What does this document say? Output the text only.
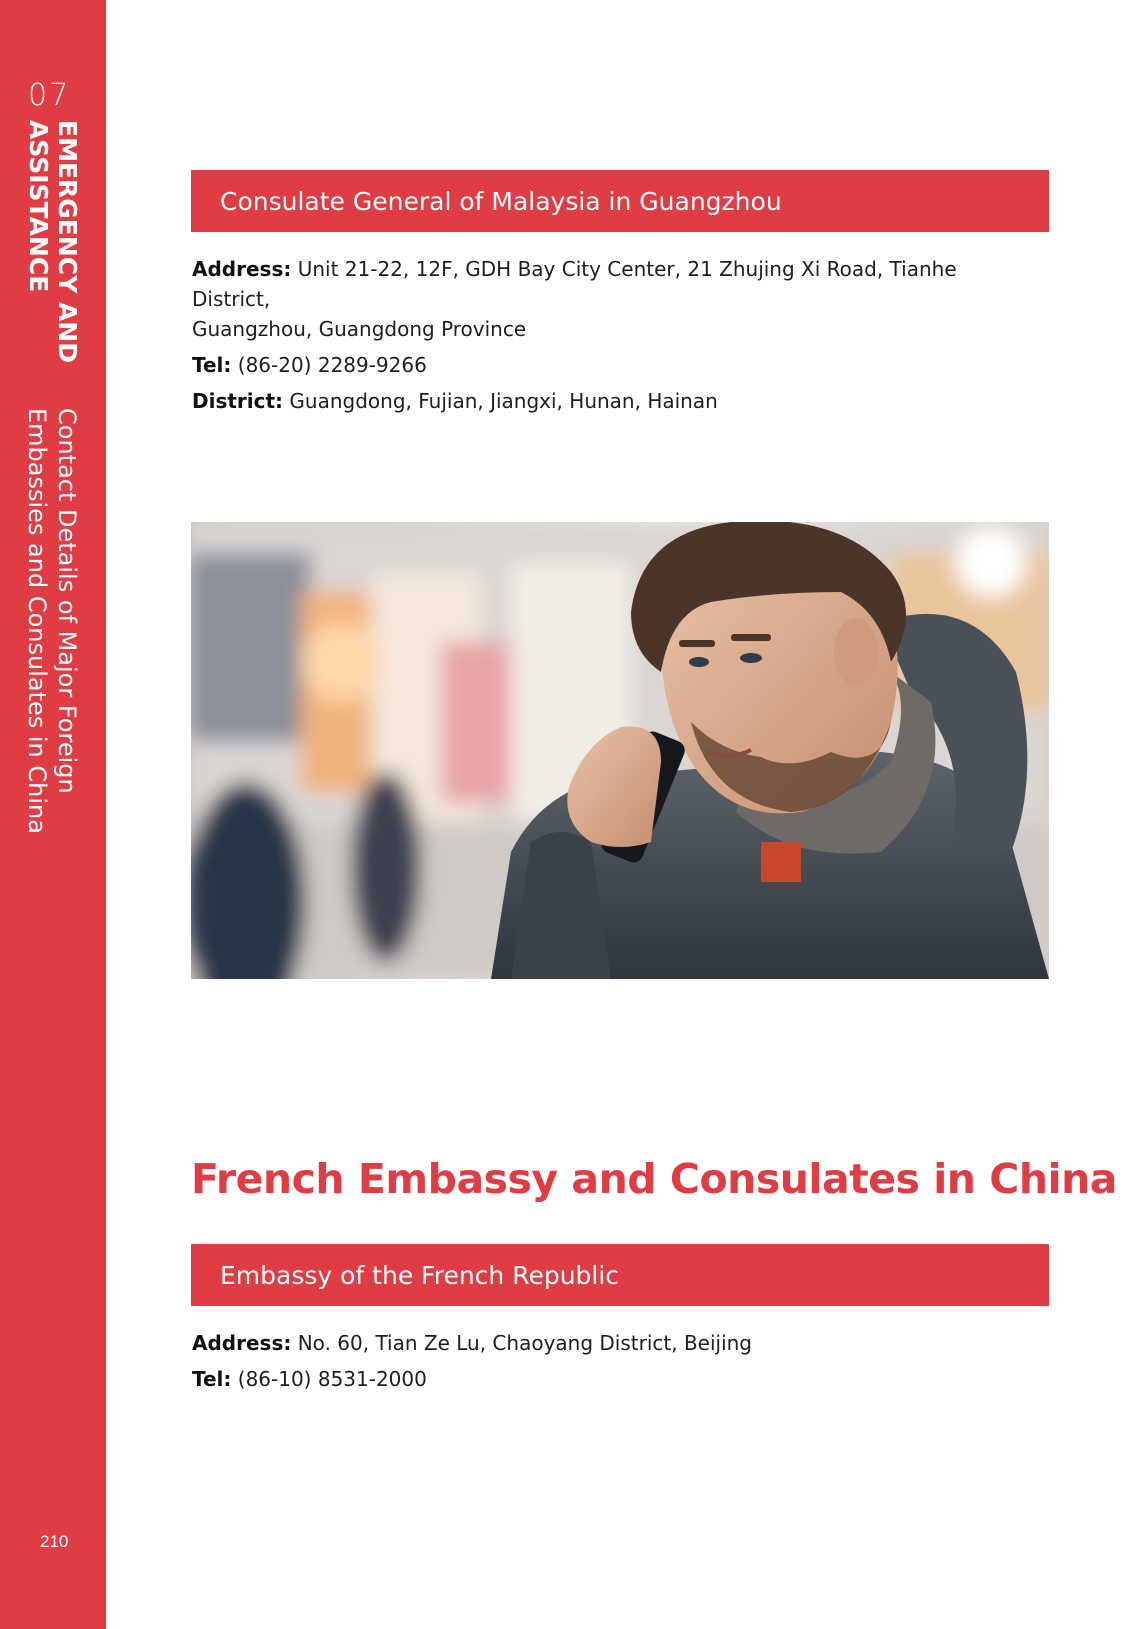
07
EMERGENCY AND
ASSISTANCE
Contact Details of Major Foreign
Embassies and Consulates in China
210
Consulate General of Malaysia in Guangzhou

Address: Unit 21-22, 12F, GDH Bay City Center, 21 Zhujing Xi Road, Tianhe District,
Guangzhou, Guangdong Province

Tel: (86-20) 2289-9266

District: Guangdong, Fujian, Jiangxi, Hunan, Hainan

French Embassy and Consulates in China
Embassy of the French Republic

Address: No. 60, Tian Ze Lu, Chaoyang District, Beijing

Tel: (86-10) 8531-2000
